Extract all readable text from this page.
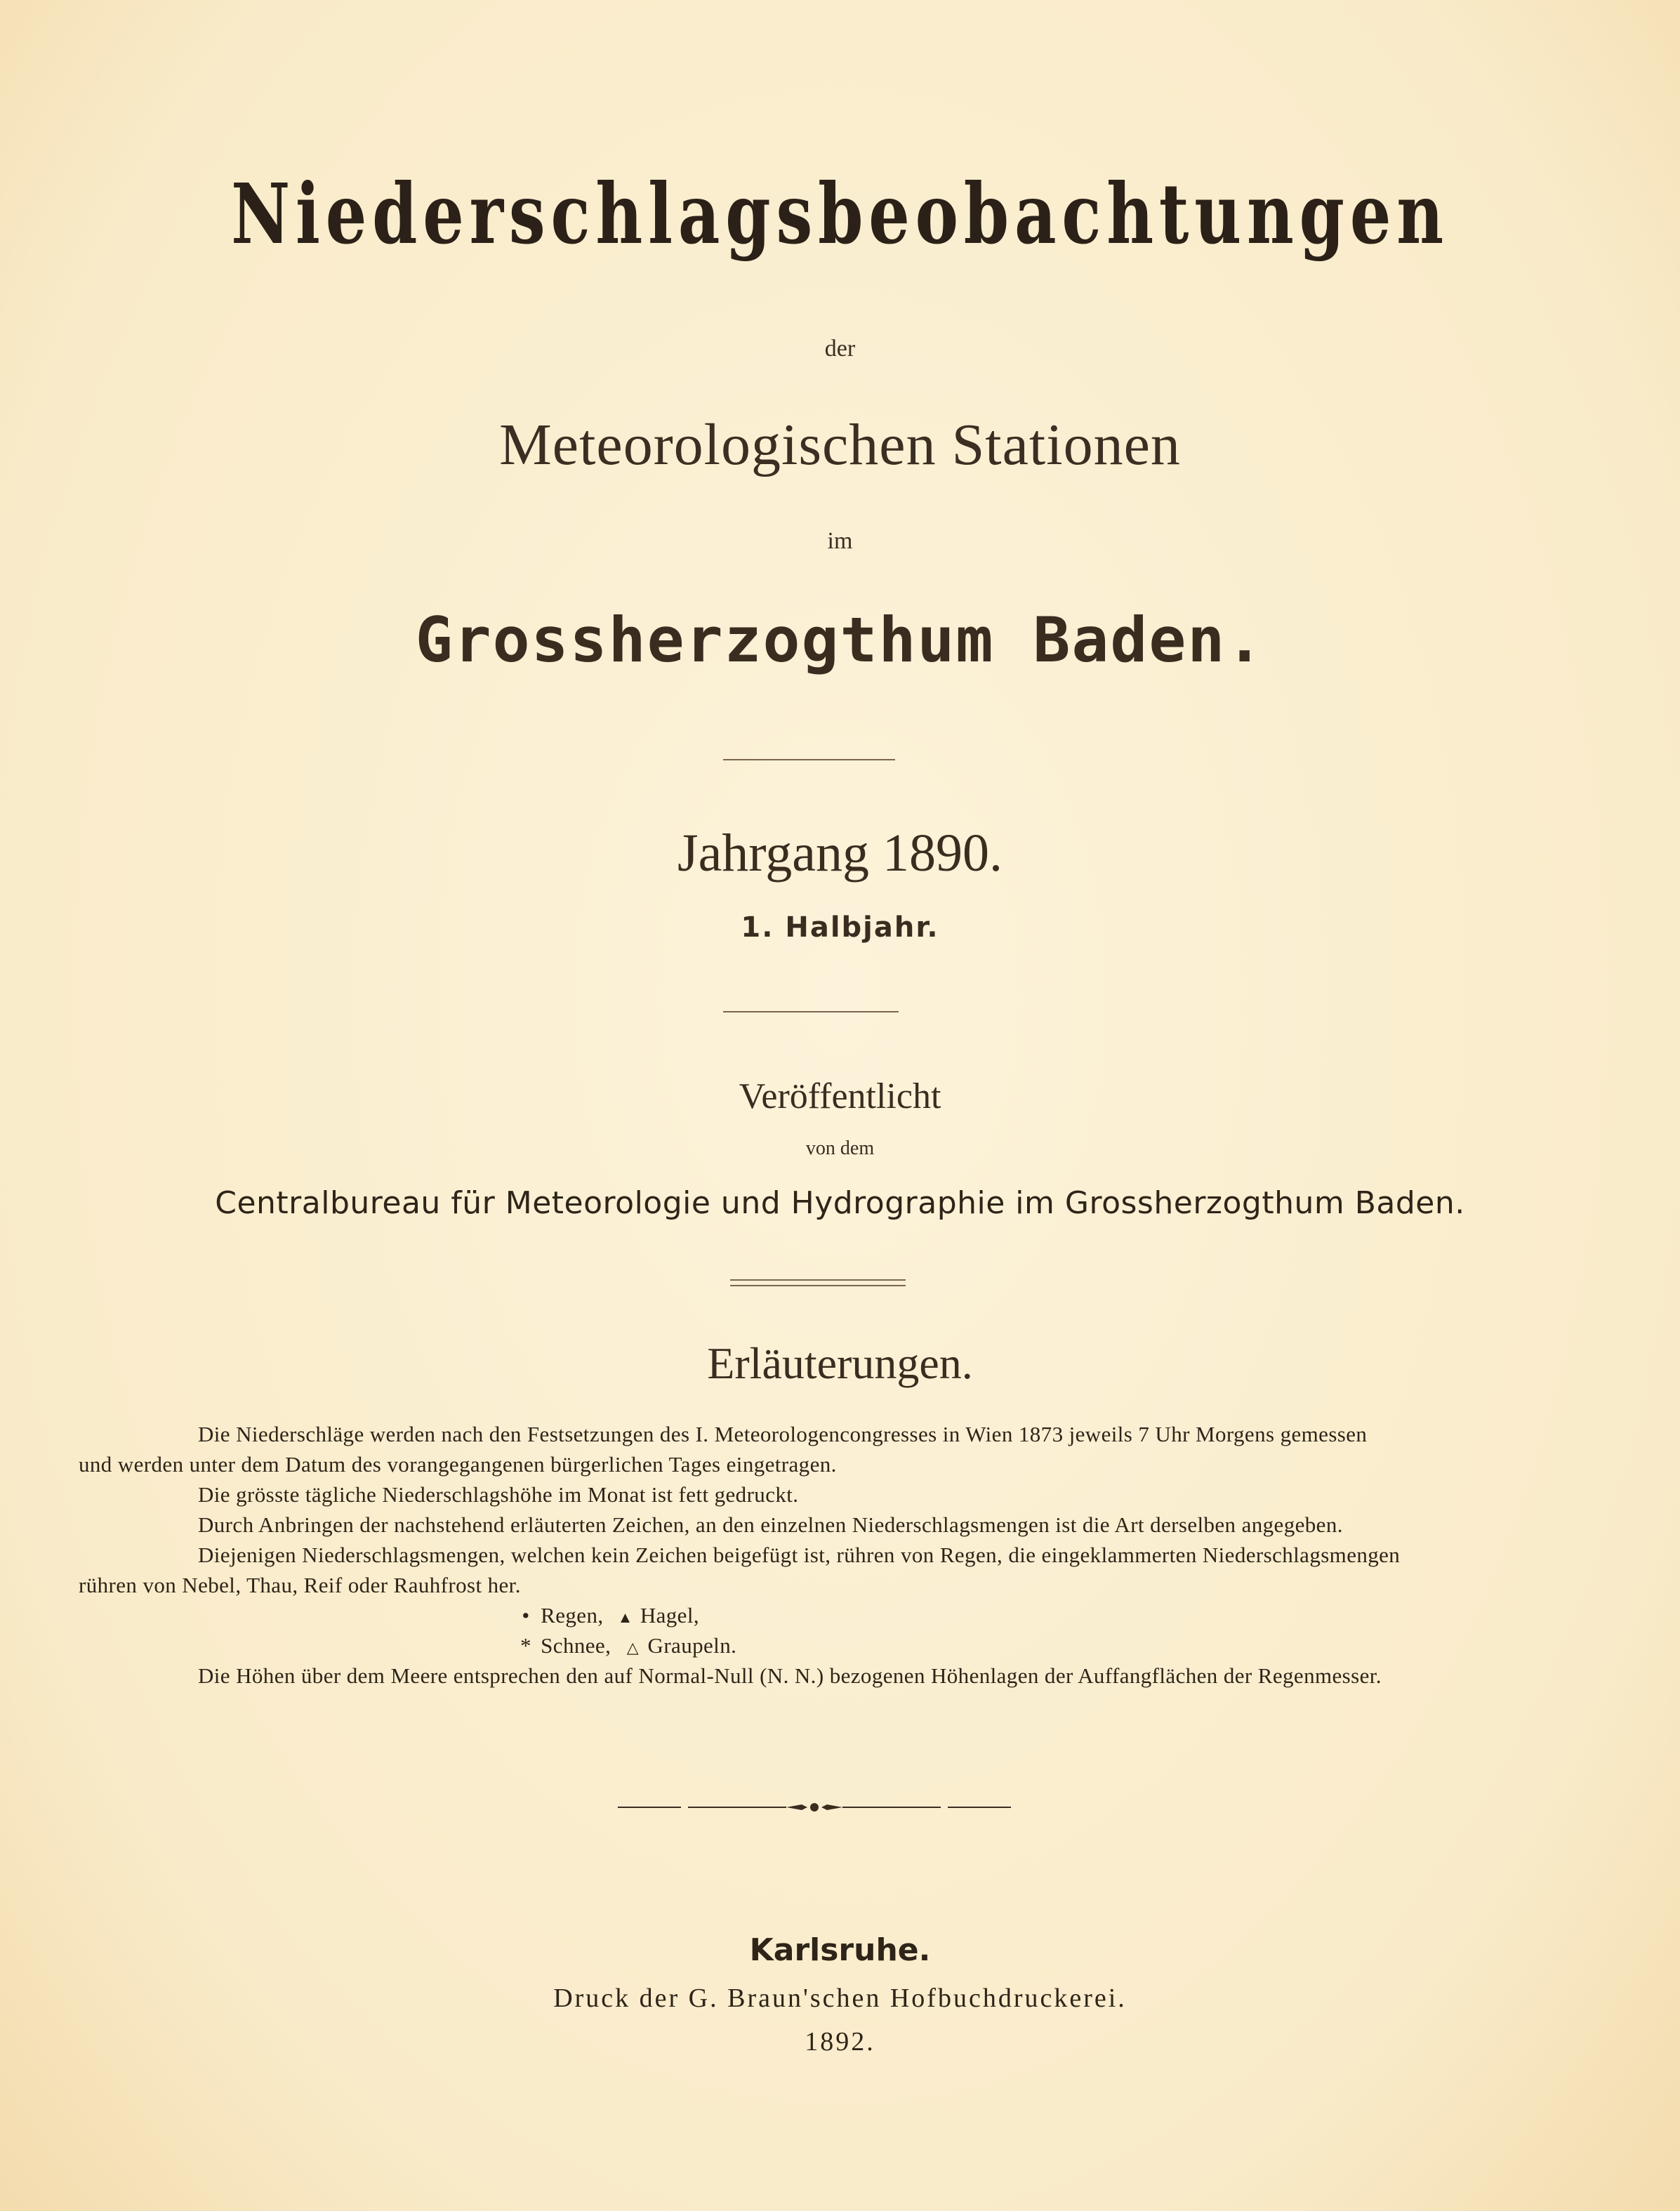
Niederschlagsbeobachtungen
der
Meteorologischen Stationen
im
Grossherzogthum Baden.
Jahrgang 1890.
1. Halbjahr.
Veröffentlicht
von dem
Centralbureau für Meteorologie und Hydrographie im Grossherzogthum Baden.
Erläuterungen.
Die Niederschläge werden nach den Festsetzungen des I. Meteorologencongresses in Wien 1873 jeweils 7 Uhr Morgens gemessen
und werden unter dem Datum des vorangegangenen bürgerlichen Tages eingetragen.
Die grösste tägliche Niederschlagshöhe im Monat ist fett gedruckt.
Durch Anbringen der nachstehend erläuterten Zeichen, an den einzelnen Niederschlagsmengen ist die Art derselben angegeben.
Diejenigen Niederschlagsmengen, welchen kein Zeichen beigefügt ist, rühren von Regen, die eingeklammerten Niederschlagsmengen
rühren von Nebel, Thau, Reif oder Rauhfrost her.
• Regen, ▲ Hagel,
* Schnee, △ Graupeln.
Die Höhen über dem Meere entsprechen den auf Normal-Null (N. N.) bezogenen Höhenlagen der Auffangflächen der Regenmesser.
Karlsruhe.
Druck der G. Braun'schen Hofbuchdruckerei.
1892.
